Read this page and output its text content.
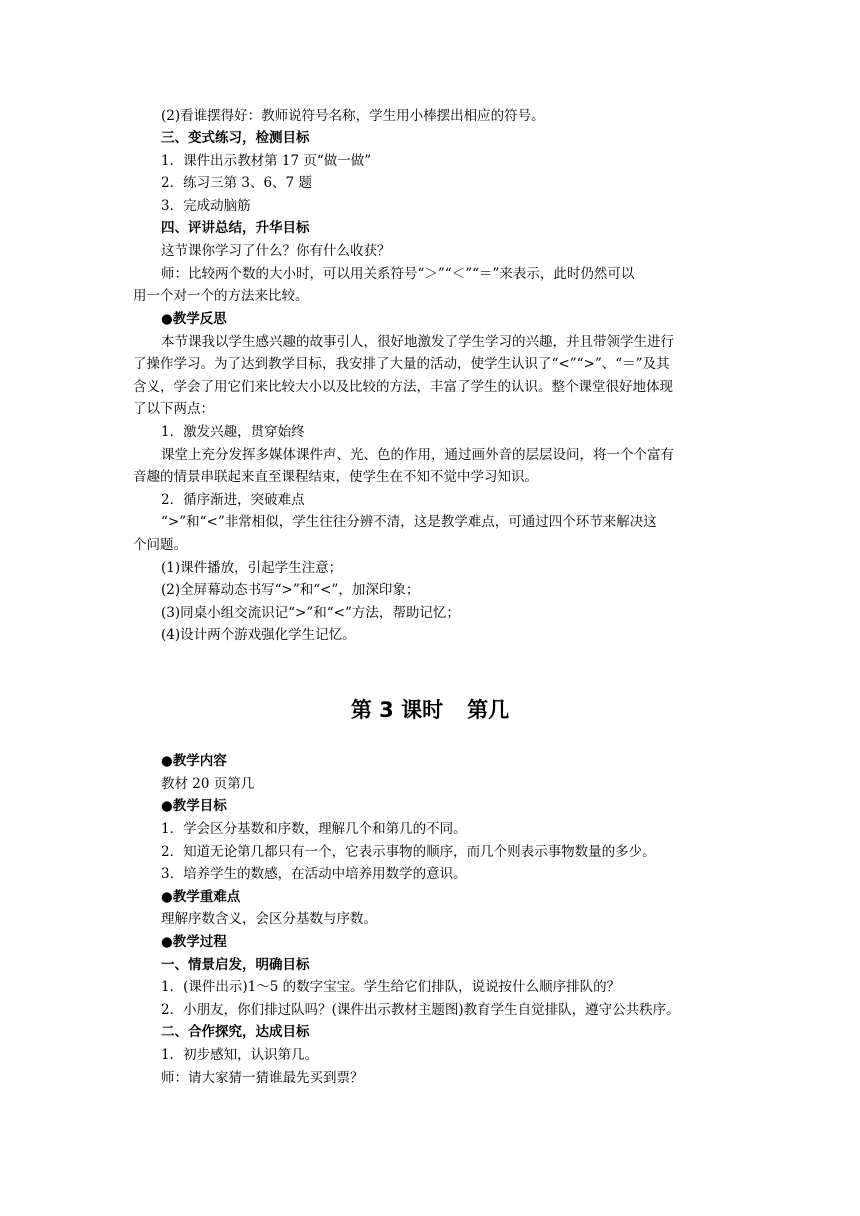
(2)看谁摆得好：教师说符号名称，学生用小棒摆出相应的符号。
三、变式练习，检测目标
1．课件出示教材第 17 页“做一做”
2．练习三第 3、6、7 题
3．完成动脑筋
四、评讲总结，升华目标
这节课你学习了什么？你有什么收获？
师：比较两个数的大小时，可以用关系符号“＞”“＜”“＝”来表示，此时仍然可以
用一个对一个的方法来比较。
●教学反思
本节课我以学生感兴趣的故事引人，很好地激发了学生学习的兴趣，并且带领学生进行
了操作学习。为了达到教学目标，我安排了大量的活动，使学生认识了“<”“>”、“＝”及其
含义，学会了用它们来比较大小以及比较的方法，丰富了学生的认识。整个课堂很好地体现
了以下两点：
1．激发兴趣，贯穿始终
课堂上充分发挥多媒体课件声、光、色的作用，通过画外音的层层设问，将一个个富有
音趣的情景串联起来直至课程结束，使学生在不知不觉中学习知识。
2．循序渐进，突破难点
“>”和“<”非常相似，学生往往分辨不清，这是教学难点，可通过四个环节来解决这
个问题。
(1)课件播放，引起学生注意；
(2)全屏幕动态书写“>”和“<”，加深印象；
(3)同桌小组交流识记“>”和“<”方法，帮助记忆；
(4)设计两个游戏强化学生记忆。
第 3 课时 第几
●教学内容
教材 20 页第几
●教学目标
1．学会区分基数和序数，理解几个和第几的不同。
2．知道无论第几都只有一个，它表示事物的顺序，而几个则表示事物数量的多少。
3．培养学生的数感，在活动中培养用数学的意识。
●教学重难点
理解序数含义，会区分基数与序数。
●教学过程
一、情景启发，明确目标
1．(课件出示)1～5 的数字宝宝。学生给它们排队，说说按什么顺序排队的？
2．小朋友，你们排过队吗？(课件出示教材主题图)教育学生自觉排队，遵守公共秩序。
二、合作探究，达成目标
1．初步感知，认识第几。
师：请大家猜一猜谁最先买到票？
